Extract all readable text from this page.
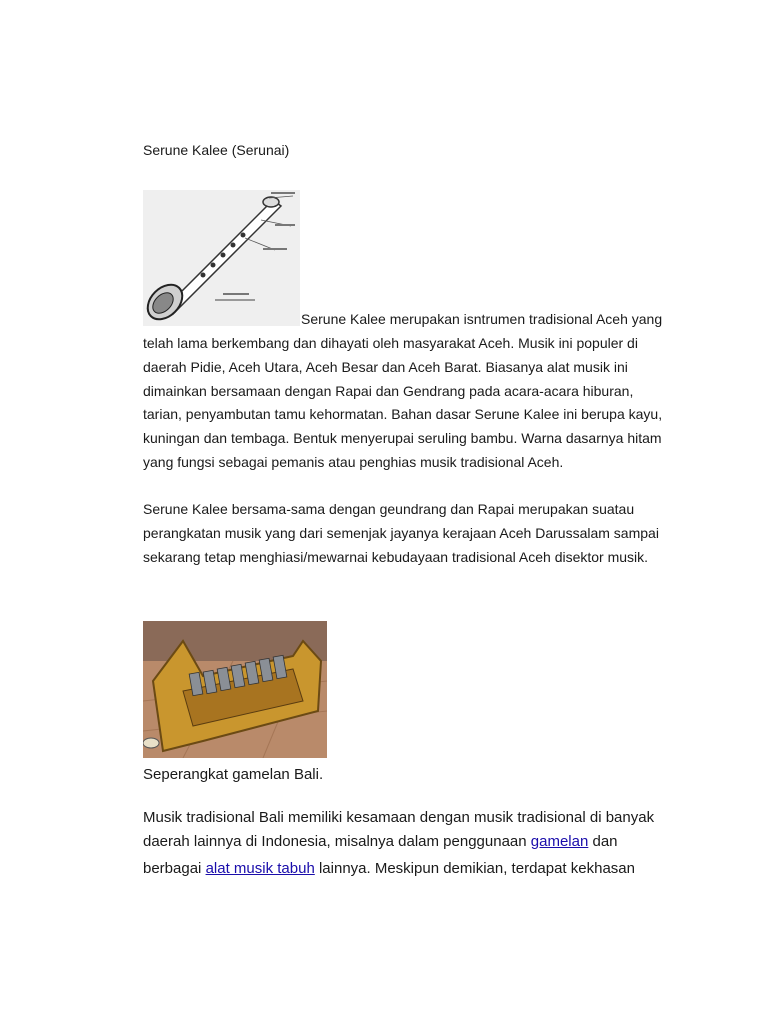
Serune Kalee (Serunai)

Serune Kalee merupakan isntrumen tradisional Aceh yang
telah lama berkembang dan dihayati oleh masyarakat Aceh. Musik ini populer di
daerah Pidie, Aceh Utara, Aceh Besar dan Aceh Barat. Biasanya alat musik ini
dimainkan bersamaan dengan Rapai dan Gendrang pada acara-acara hiburan,
tarian, penyambutan tamu kehormatan. Bahan dasar Serune Kalee ini berupa kayu,
kuningan dan tembaga. Bentuk menyerupai seruling bambu. Warna dasarnya hitam
yang fungsi sebagai pemanis atau penghias musik tradisional Aceh.
Serune Kalee bersama-sama dengan geundrang dan Rapai merupakan suatau
perangkatan musik yang dari semenjak jayanya kerajaan Aceh Darussalam sampai
sekarang tetap menghiasi/mewarnai kebudayaan tradisional Aceh disektor musik.
Seperangkat gamelan Bali.
Musik tradisional Bali memiliki kesamaan dengan musik tradisional di banyak
daerah lainnya di Indonesia, misalnya dalam penggunaan gamelan dan
berbagai alat musik tabuh lainnya. Meskipun demikian, terdapat kekhasan
